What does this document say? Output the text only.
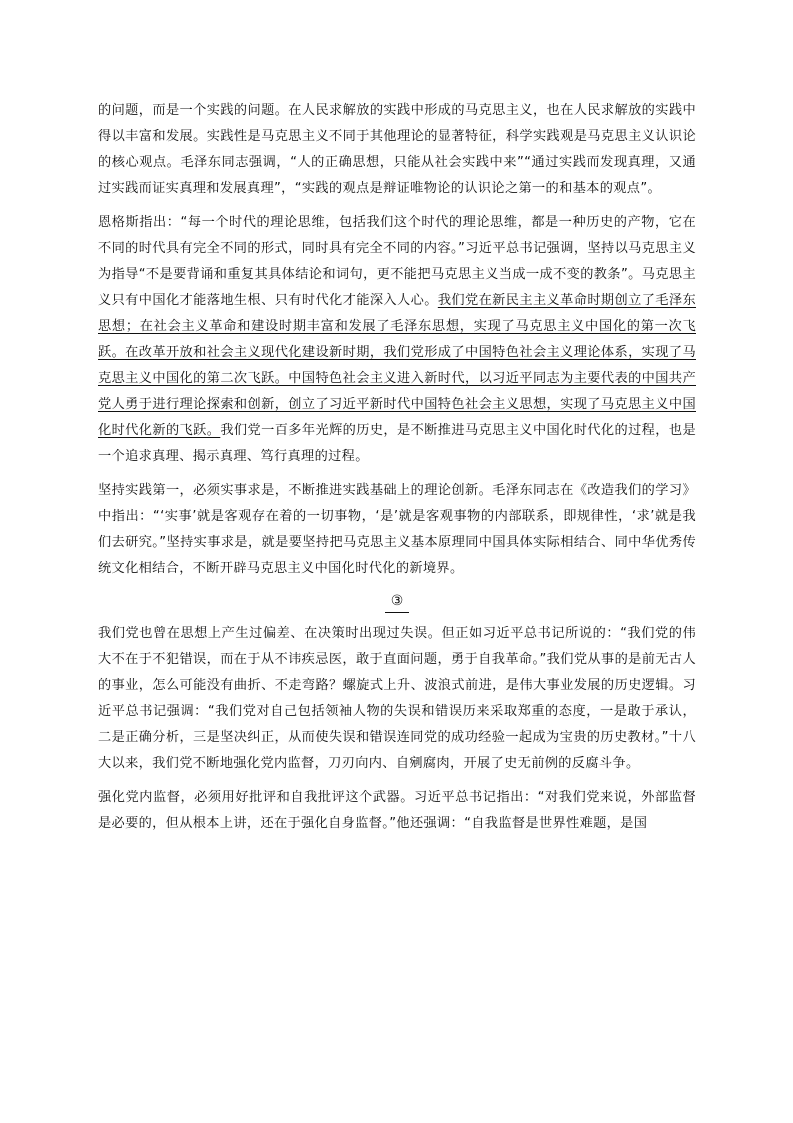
的问题，而是一个实践的问题。在人民求解放的实践中形成的马克思主义，也在人民求解放的实践中得以丰富和发展。实践性是马克思主义不同于其他理论的显著特征，科学实践观是马克思主义认识论的核心观点。毛泽东同志强调，“人的正确思想，只能从社会实践中来”“通过实践而发现真理，又通过实践而证实真理和发展真理”，“实践的观点是辩证唯物论的认识论之第一的和基本的观点”。

恩格斯指出：“每一个时代的理论思维，包括我们这个时代的理论思维，都是一种历史的产物，它在不同的时代具有完全不同的形式，同时具有完全不同的内容。”习近平总书记强调，坚持以马克思主义为指导“不是要背诵和重复其具体结论和词句，更不能把马克思主义当成一成不变的教条”。马克思主义只有中国化才能落地生根、只有时代化才能深入人心。我们党在新民主主义革命时期创立了毛泽东思想；在社会主义革命和建设时期丰富和发展了毛泽东思想，实现了马克思主义中国化的第一次飞跃。在改革开放和社会主义现代化建设新时期，我们党形成了中国特色社会主义理论体系，实现了马克思主义中国化的第二次飞跃。中国特色社会主义进入新时代，以习近平同志为主要代表的中国共产党人勇于进行理论探索和创新，创立了习近平新时代中国特色社会主义思想，实现了马克思主义中国化时代化新的飞跃。我们党一百多年光辉的历史，是不断推进马克思主义中国化时代化的过程，也是一个追求真理、揭示真理、笃行真理的过程。

坚持实践第一，必须实事求是，不断推进实践基础上的理论创新。毛泽东同志在《改造我们的学习》中指出：“‘实事’就是客观存在着的一切事物，‘是’就是客观事物的内部联系，即规律性，‘求’就是我们去研究。”坚持实事求是，就是要坚持把马克思主义基本原理同中国具体实际相结合、同中华优秀传统文化相结合，不断开辟马克思主义中国化时代化的新境界。

③

我们党也曾在思想上产生过偏差、在决策时出现过失误。但正如习近平总书记所说的：“我们党的伟大不在于不犯错误，而在于从不讳疾忌医，敢于直面问题，勇于自我革命。”我们党从事的是前无古人的事业，怎么可能没有曲折、不走弯路？螺旋式上升、波浪式前进，是伟大事业发展的历史逻辑。习近平总书记强调：“我们党对自己包括领袖人物的失误和错误历来采取郑重的态度，一是敢于承认，二是正确分析，三是坚决纠正，从而使失误和错误连同党的成功经验一起成为宝贵的历史教材。”十八大以来，我们党不断地强化党内监督，刀刃向内、自剜腐肉，开展了史无前例的反腐斗争。

强化党内监督，必须用好批评和自我批评这个武器。习近平总书记指出：“对我们党来说，外部监督是必要的，但从根本上讲，还在于强化自身监督。”他还强调：“自我监督是世界性难题，是国
